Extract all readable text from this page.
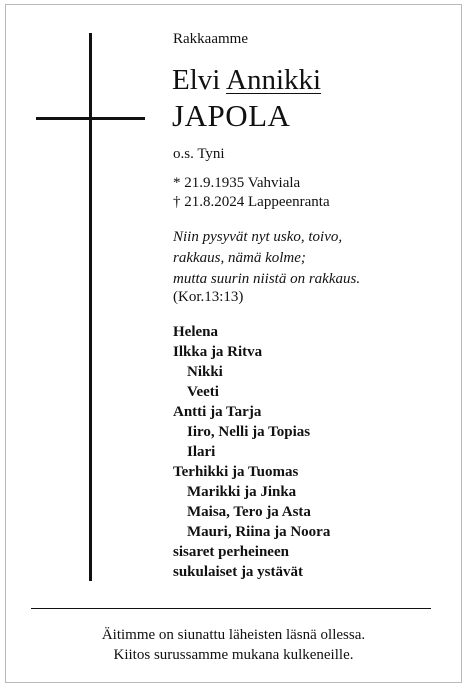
Rakkaamme
Elvi Annikki
JAPOLA
o.s. Tyni
* 21.9.1935 Vahviala
† 21.8.2024 Lappeenranta
Niin pysyvät nyt usko, toivo,
rakkaus, nämä kolme;
mutta suurin niistä on rakkaus.
(Kor.13:13)
Helena
Ilkka ja Ritva
Nikki
Veeti
Antti ja Tarja
Iiro, Nelli ja Topias
Ilari
Terhikki ja Tuomas
Marikki ja Jinka
Maisa, Tero ja Asta
Mauri, Riina ja Noora
sisaret perheineen
sukulaiset ja ystävät
Äitimme on siunattu läheisten läsnä ollessa.
Kiitos surussamme mukana kulkeneille.
